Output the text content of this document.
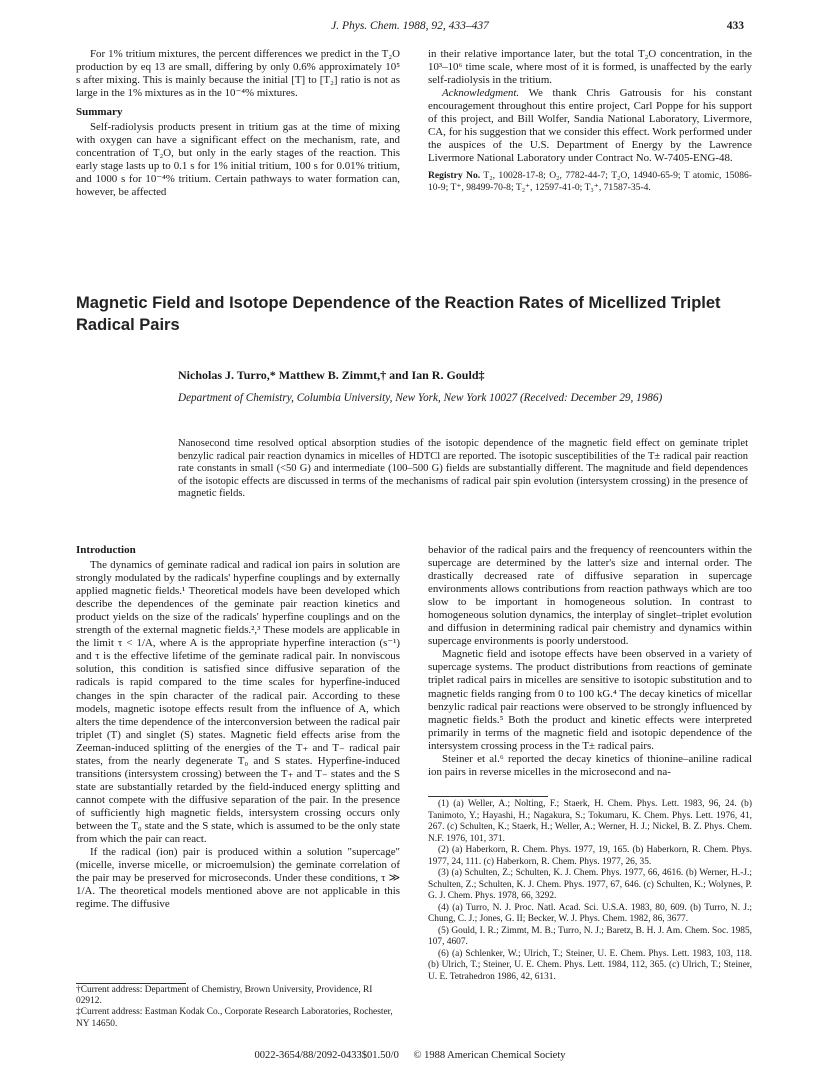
J. Phys. Chem. 1988, 92, 433–437	433

For 1% tritium mixtures, the percent differences we predict in the T₂O production by eq 13 are small, differing by only 0.6% approximately 10⁵ s after mixing. This is mainly because the initial [T] to [T₂] ratio is not as large in the 1% mixtures as in the 10⁻⁴% mixtures.

Summary

Self-radiolysis products present in tritium gas at the time of mixing with oxygen can have a significant effect on the mechanism, rate, and concentration of T₂O, but only in the early stages of the reaction. This early stage lasts up to 0.1 s for 1% initial tritium, 100 s for 0.01% tritium, and 1000 s for 10⁻⁴% tritium. Certain pathways to water formation can, however, be affected

in their relative importance later, but the total T₂O concentration, in the 10³–10⁶ time scale, where most of it is formed, is unaffected by the early self-radiolysis in the tritium.

Acknowledgment. We thank Chris Gatrousis for his constant encouragement throughout this entire project, Carl Poppe for his support of this project, and Bill Wolfer, Sandia National Laboratory, Livermore, CA, for his suggestion that we consider this effect. Work performed under the auspices of the U.S. Department of Energy by the Lawrence Livermore National Laboratory under Contract No. W-7405-ENG-48.

Registry No. T₂, 10028-17-8; O₂, 7782-44-7; T₂O, 14940-65-9; T atomic, 15086-10-9; T⁺, 98499-70-8; T₂⁺, 12597-41-0; T₃⁺, 71587-35-4.

Magnetic Field and Isotope Dependence of the Reaction Rates of Micellized Triplet Radical Pairs
Nicholas J. Turro,* Matthew B. Zimmt,† and Ian R. Gould‡
Department of Chemistry, Columbia University, New York, New York 10027 (Received: December 29, 1986)
Nanosecond time resolved optical absorption studies of the isotopic dependence of the magnetic field effect on geminate triplet benzylic radical pair reaction dynamics in micelles of HDTCl are reported. The isotopic susceptibilities of the T± radical pair reaction rate constants in small (<50 G) and intermediate (100–500 G) fields are substantially different. The magnitude and field dependences of the isotopic effects are discussed in terms of the mechanisms of radical pair spin evolution (intersystem crossing) in the presence of magnetic fields.
Introduction

The dynamics of geminate radical and radical ion pairs in solution are strongly modulated by the radicals' hyperfine couplings and by externally applied magnetic fields.¹ Theoretical models have been developed which describe the dependences of the geminate pair reaction kinetics and product yields on the size of the radicals' hyperfine couplings and on the strength of the external magnetic fields.²,³ These models are applicable in the limit τ < 1/A, where A is the appropriate hyperfine interaction (s⁻¹) and τ is the effective lifetime of the geminate radical pair. In nonviscous solution, this condition is satisfied since diffusive separation of the radicals is rapid compared to the time scales for hyperfine-induced changes in the spin character of the radical pair. According to these models, magnetic isotope effects result from the influence of A, which alters the time dependence of the interconversion between the radical pair triplet (T) and singlet (S) states. Magnetic field effects arise from the Zeeman-induced splitting of the energies of the T₊ and T₋ radical pair states, from the nearly degenerate T₀ and S states. Hyperfine-induced transitions (intersystem crossing) between the T₊ and T₋ states and the S state are substantially retarded by the field-induced energy splitting and cannot compete with the diffusive separation of the pair. In the presence of sufficiently high magnetic fields, intersystem crossing occurs only between the T₀ state and the S state, which is assumed to be the only state from which the pair can react.

If the radical (ion) pair is produced within a solution "supercage" (micelle, inverse micelle, or microemulsion) the geminate correlation of the pair may be preserved for microseconds. Under these conditions, τ ≫ 1/A. The theoretical models mentioned above are not applicable in this regime. The diffusive

behavior of the radical pairs and the frequency of reencounters within the supercage are determined by the latter's size and internal order. The drastically decreased rate of diffusive separation in supercage environments allows contributions from reaction pathways which are too slow to be important in homogeneous solution. In contrast to homogeneous solution dynamics, the interplay of singlet–triplet evolution and diffusion in determining radical pair chemistry and dynamics within supercage environments is poorly understood.

Magnetic field and isotope effects have been observed in a variety of supercage systems. The product distributions from reactions of geminate triplet radical pairs in micelles are sensitive to isotopic substitution and to magnetic fields ranging from 0 to 100 kG.⁴ The decay kinetics of micellar benzylic radical pair reactions were observed to be strongly influenced by magnetic fields.⁵ Both the product and kinetic effects were interpreted primarily in terms of the magnetic field and isotopic dependence of the intersystem crossing process in the T± radical pairs.

Steiner et al.⁶ reported the decay kinetics of thionine–aniline radical ion pairs in reverse micelles in the microsecond and na-

(1) (a) Weller, A.; Nolting, F.; Staerk, H. Chem. Phys. Lett. 1983, 96, 24. (b) Tanimoto, Y.; Hayashi, H.; Nagakura, S.; Tokumaru, K. Chem. Phys. Lett. 1976, 41, 267. (c) Schulten, K.; Staerk, H.; Weller, A.; Werner, H. J.; Nickel, B. Z. Phys. Chem. N.F. 1976, 101, 371.
(2) (a) Haberkorn, R. Chem. Phys. 1977, 19, 165. (b) Haberkorn, R. Chem. Phys. 1977, 24, 111. (c) Haberkorn, R. Chem. Phys. 1977, 26, 35.
(3) (a) Schulten, Z.; Schulten, K. J. Chem. Phys. 1977, 66, 4616. (b) Werner, H.-J.; Schulten, Z.; Schulten, K. J. Chem. Phys. 1977, 67, 646. (c) Schulten, K.; Wolynes, P. G. J. Chem. Phys. 1978, 66, 3292.
(4) (a) Turro, N. J. Proc. Natl. Acad. Sci. U.S.A. 1983, 80, 609. (b) Turro, N. J.; Chung, C. J.; Jones, G. II; Becker, W. J. Phys. Chem. 1982, 86, 3677.
(5) Gould, I. R.; Zimmt, M. B.; Turro, N. J.; Baretz, B. H. J. Am. Chem. Soc. 1985, 107, 4607.
(6) (a) Schlenker, W.; Ulrich, T.; Steiner, U. E. Chem. Phys. Lett. 1983, 103, 118. (b) Ulrich, T.; Steiner, U. E. Chem. Phys. Lett. 1984, 112, 365. (c) Ulrich, T.; Steiner, U. E. Tetrahedron 1986, 42, 6131.
†Current address: Department of Chemistry, Brown University, Providence, RI 02912.
‡Current address: Eastman Kodak Co., Corporate Research Laboratories, Rochester, NY 14650.
0022-3654/88/2092-0433$01.50/0 © 1988 American Chemical Society
